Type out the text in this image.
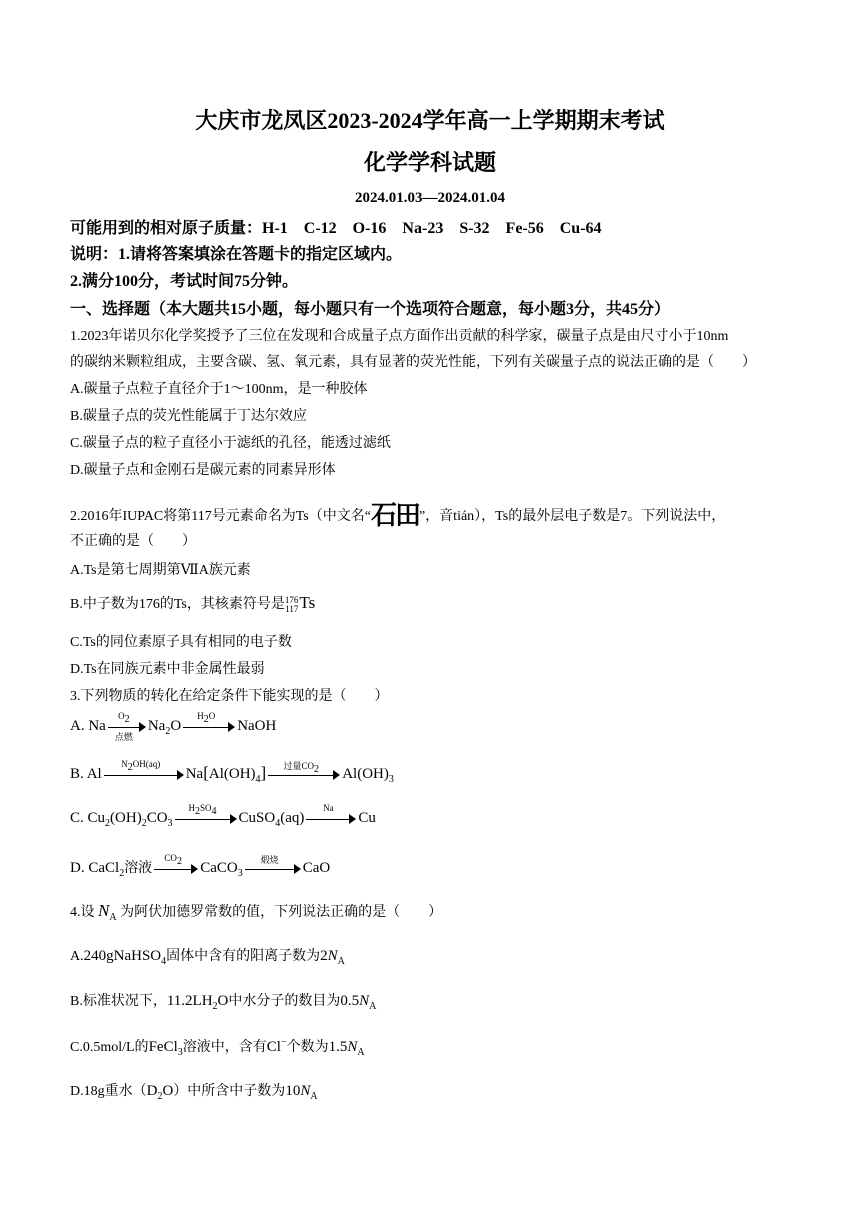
大庆市龙凤区2023-2024学年高一上学期期末考试
化学学科试题
2024.01.03—2024.01.04
可能用到的相对原子质量：H-1　C-12　O-16　Na-23　S-32　Fe-56　Cu-64
说明：1.请将答案填涂在答题卡的指定区域内。
2.满分100分，考试时间75分钟。
一、选择题（本大题共15小题，每小题只有一个选项符合题意，每小题3分，共45分）
1.2023年诺贝尔化学奖授予了三位在发现和合成量子点方面作出贡献的科学家，碳量子点是由尺寸小于10nm
的碳纳米颗粒组成，主要含碳、氢、氧元素，具有显著的荧光性能，下列有关碳量子点的说法正确的是（　　）
A.碳量子点粒子直径介于1～100nm，是一种胶体
B.碳量子点的荧光性能属于丁达尔效应
C.碳量子点的粒子直径小于滤纸的孔径，能透过滤纸
D.碳量子点和金刚石是碳元素的同素异形体
2.2016年IUPAC将第117号元素命名为Ts（中文名“石田”，音tián），Ts的最外层电子数是7。下列说法中，
不正确的是（　　）
A.Ts是第七周期第ⅦA族元素
B.中子数为176的Ts，其核素符号是176
117Ts
C.Ts的同位素原子具有相同的电子数
D.Ts在同族元素中非金属性最弱
3.下列物质的转化在给定条件下能实现的是（　　）
A. Na
$O_2$
点燃
$Na_2O$
$H_2O$
NaOH
B. Al
$N_2OH(aq)$
$Na[Al(OH)_4]$	过量$CO_2$	$Al(OH)_3$
C. $Cu_2(OH)_2CO_3$
$H_2SO_4$	CuSO$_4$(aq)
Na
Cu
D. CaCl$_2$溶液
$CO_2$	CaCO$_3$
煅烧
CaO
4.设 $N_A$ 为阿伏加德罗常数的值，下列说法正确的是（　　）
A.240gNaHSO$_4$固体中含有的阳离子数为$2N_A$
B.标准状况下，$11.2LH_2O$中水分子的数目为$0.5N_A$
C.0.5mol/L的FeCl$_3$溶液中，含有Cl−个数为$1.5N_A$
D.18g重水$(D_2O)$中所含中子数为$10N_A$
